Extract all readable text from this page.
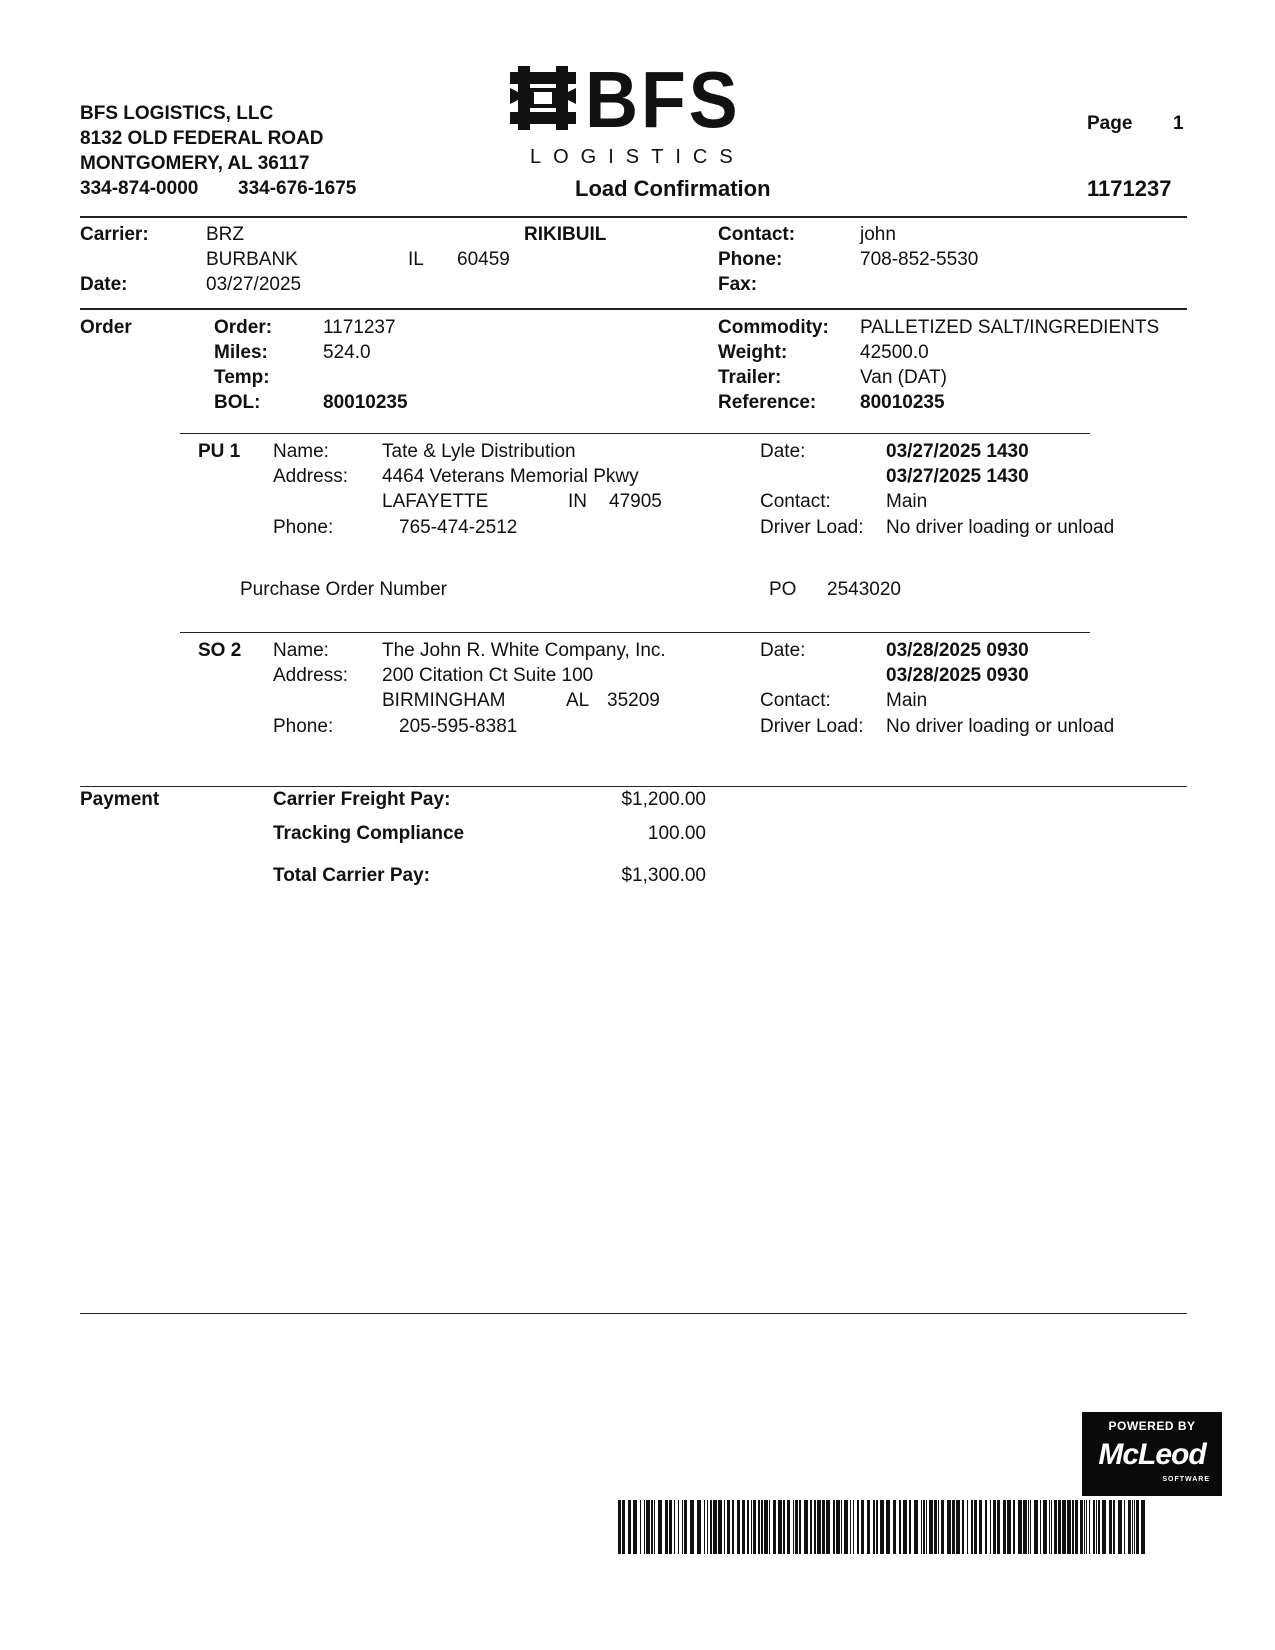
BFS LOGISTICS, LLC
8132 OLD FEDERAL ROAD
MONTGOMERY, AL 36117
334-874-0000 334-676-1675
BFS
LOGISTICS
Page 1
Load Confirmation	1171237
Carrier:	BRZ	RIKIBUIL
BURBANK	IL 60459
Date:	03/27/2025
Contact:	john
Phone:	708-852-5530
Fax:
Order	Order:	1171237
Miles:	524.0
Temp:
BOL:	80010235
Commodity: PALLETIZED SALT/INGREDIENTS
Weight:	42500.0
Trailer:	Van (DAT)
Reference: 80010235
PU 1 Name:	Tate & Lyle Distribution
Address: 4464 Veterans Memorial Pkwy
LAFAYETTE	IN 47905
Phone:	765-474-2512
Date:	03/27/2025 1430
03/27/2025 1430
Contact:	Main
Driver Load: No driver loading or unload
Purchase Order Number	PO 2543020
SO 2 Name:	The John R. White Company, Inc.
Address: 200 Citation Ct Suite 100
BIRMINGHAM	AL 35209
Phone:	205-595-8381
Date:	03/28/2025 0930
03/28/2025 0930
Contact:	Main
Driver Load: No driver loading or unload
Payment	Carrier Freight Pay:	$1,200.00
Tracking Compliance	100.00
Total Carrier Pay:	$1,300.00
POWERED BY
McLeod
SOFTWARE
